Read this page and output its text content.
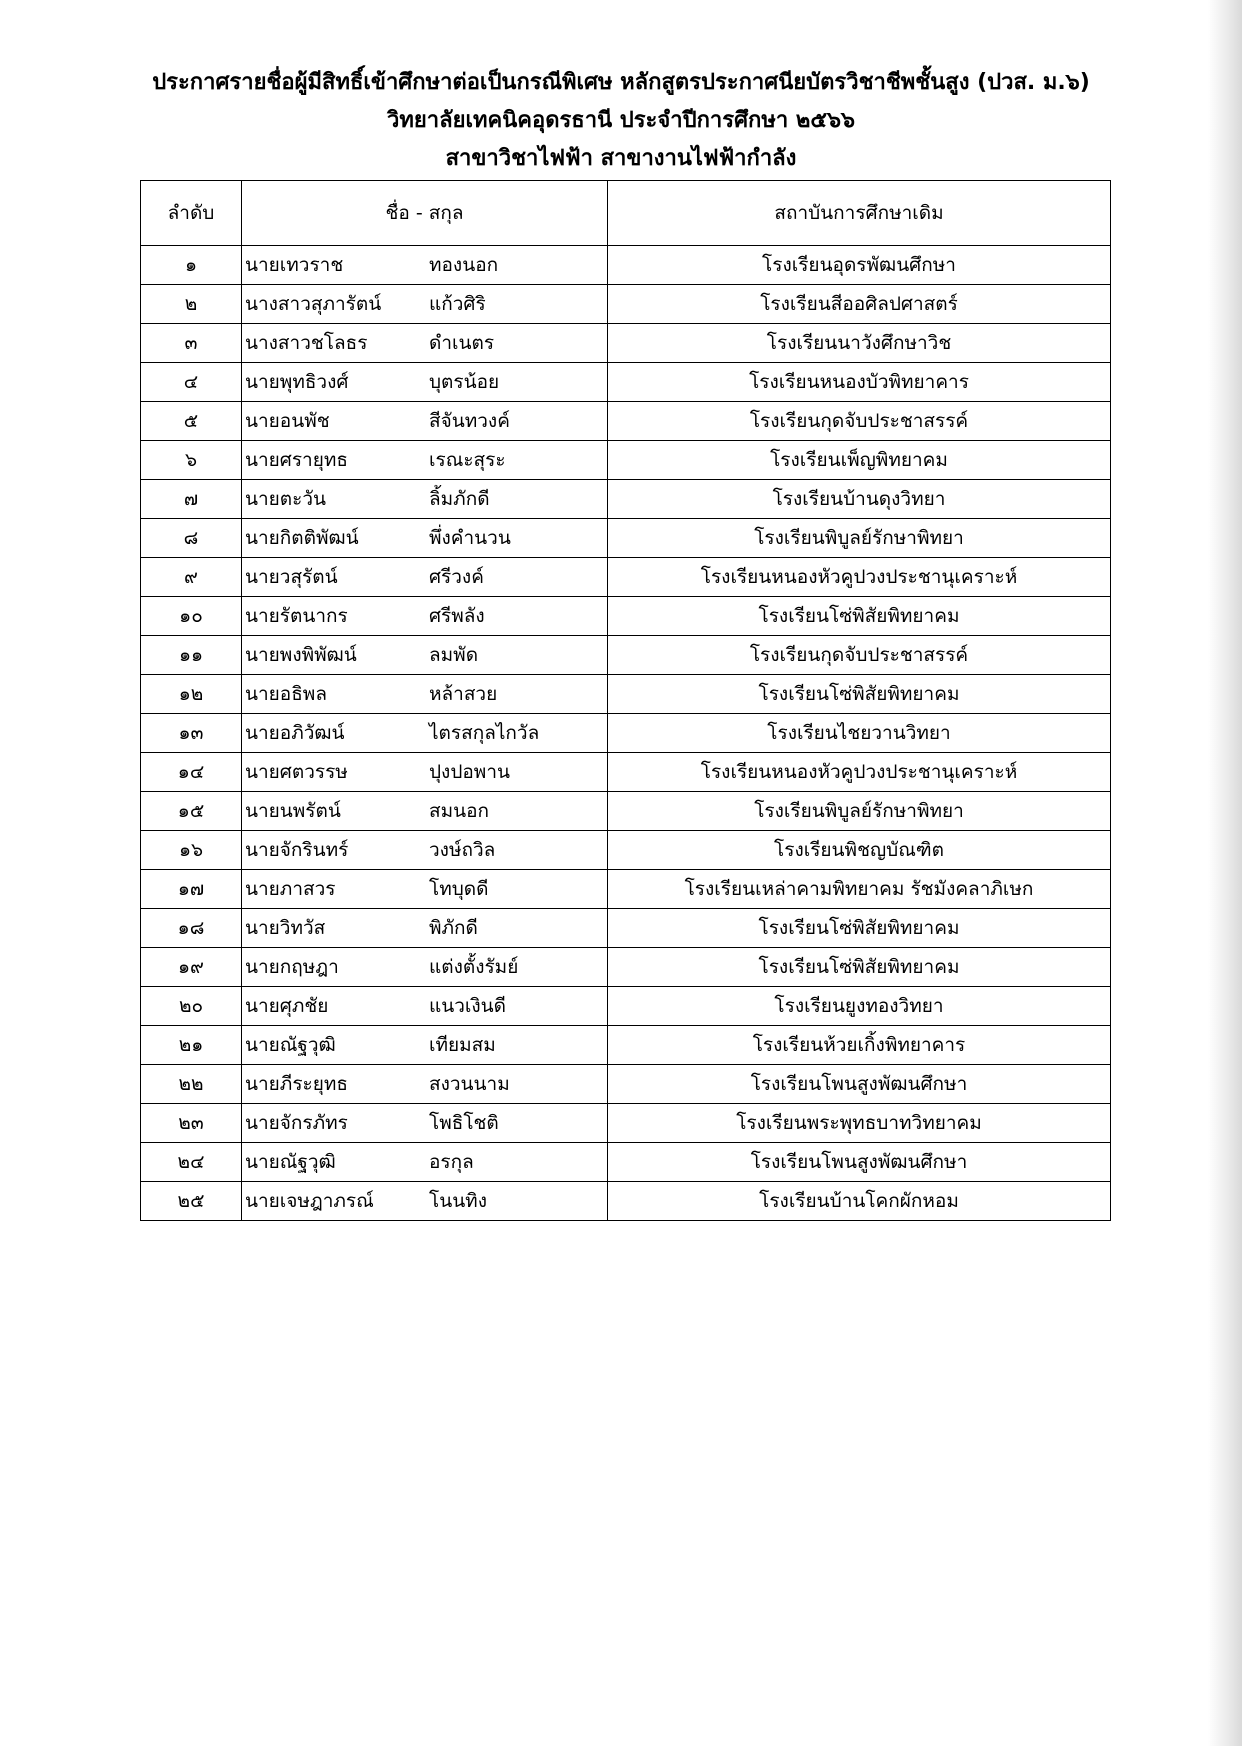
ประกาศรายชื่อผู้มีสิทธิ์เข้าศึกษาต่อเป็นกรณีพิเศษ หลักสูตรประกาศนียบัตรวิชาชีพชั้นสูง (ปวส. ม.๖)
วิทยาลัยเทคนิคอุดรธานี ประจำปีการศึกษา ๒๕๖๖
สาขาวิชาไฟฟ้า สาขางานไฟฟ้ากำลัง
ลำดับ	ชื่อ - สกุล	สถาบันการศึกษาเดิม
๑	นายเทวราช ทองนอก	โรงเรียนอุดรพัฒนศึกษา
๒	นางสาวสุภารัตน์ แก้วศิริ	โรงเรียนสีออศิลปศาสตร์
๓	นางสาวชโลธร ดำเนตร	โรงเรียนนาวังศึกษาวิช
๔	นายพุทธิวงศ์ บุตรน้อย	โรงเรียนหนองบัวพิทยาคาร
๕	นายอนพัช สีจันทวงค์	โรงเรียนกุดจับประชาสรรค์
๖	นายศรายุทธ เรณะสุระ	โรงเรียนเพ็ญพิทยาคม
๗	นายตะวัน ลิ้มภักดี	โรงเรียนบ้านดุงวิทยา
๘	นายกิตติพัฒน์ พึ่งคำนวน	โรงเรียนพิบูลย์รักษาพิทยา
๙	นายวสุรัตน์ ศรีวงค์	โรงเรียนหนองหัวคูปวงประชานุเคราะห์
๑๐	นายรัตนากร ศรีพลัง	โรงเรียนโซ่พิสัยพิทยาคม
๑๑	นายพงพิพัฒน์ ลมพัด	โรงเรียนกุดจับประชาสรรค์
๑๒	นายอธิพล หล้าสวย	โรงเรียนโซ่พิสัยพิทยาคม
๑๓	นายอภิวัฒน์ ไตรสกุลไกวัล	โรงเรียนไชยวานวิทยา
๑๔	นายศตวรรษ ปุงปอพาน	โรงเรียนหนองหัวคูปวงประชานุเคราะห์
๑๕	นายนพรัตน์ สมนอก	โรงเรียนพิบูลย์รักษาพิทยา
๑๖	นายจักรินทร์ วงษ์ถวิล	โรงเรียนพิชญบัณฑิต
๑๗	นายภาสวร โทบุดดี	โรงเรียนเหล่าคามพิทยาคม รัชมังคลาภิเษก
๑๘	นายวิทวัส พิภักดี	โรงเรียนโซ่พิสัยพิทยาคม
๑๙	นายกฤษฎา แต่งตั้งรัมย์	โรงเรียนโซ่พิสัยพิทยาคม
๒๐	นายศุภชัย แนวเงินดี	โรงเรียนยูงทองวิทยา
๒๑	นายณัฐวุฒิ เทียมสม	โรงเรียนห้วยเกิ้งพิทยาคาร
๒๒	นายภีระยุทธ สงวนนาม	โรงเรียนโพนสูงพัฒนศึกษา
๒๓	นายจักรภัทร โพธิโชติ	โรงเรียนพระพุทธบาทวิทยาคม
๒๔	นายณัฐวุฒิ อรกุล	โรงเรียนโพนสูงพัฒนศึกษา
๒๕	นายเจษฎาภรณ์ โนนทิง	โรงเรียนบ้านโคกผักหอม
